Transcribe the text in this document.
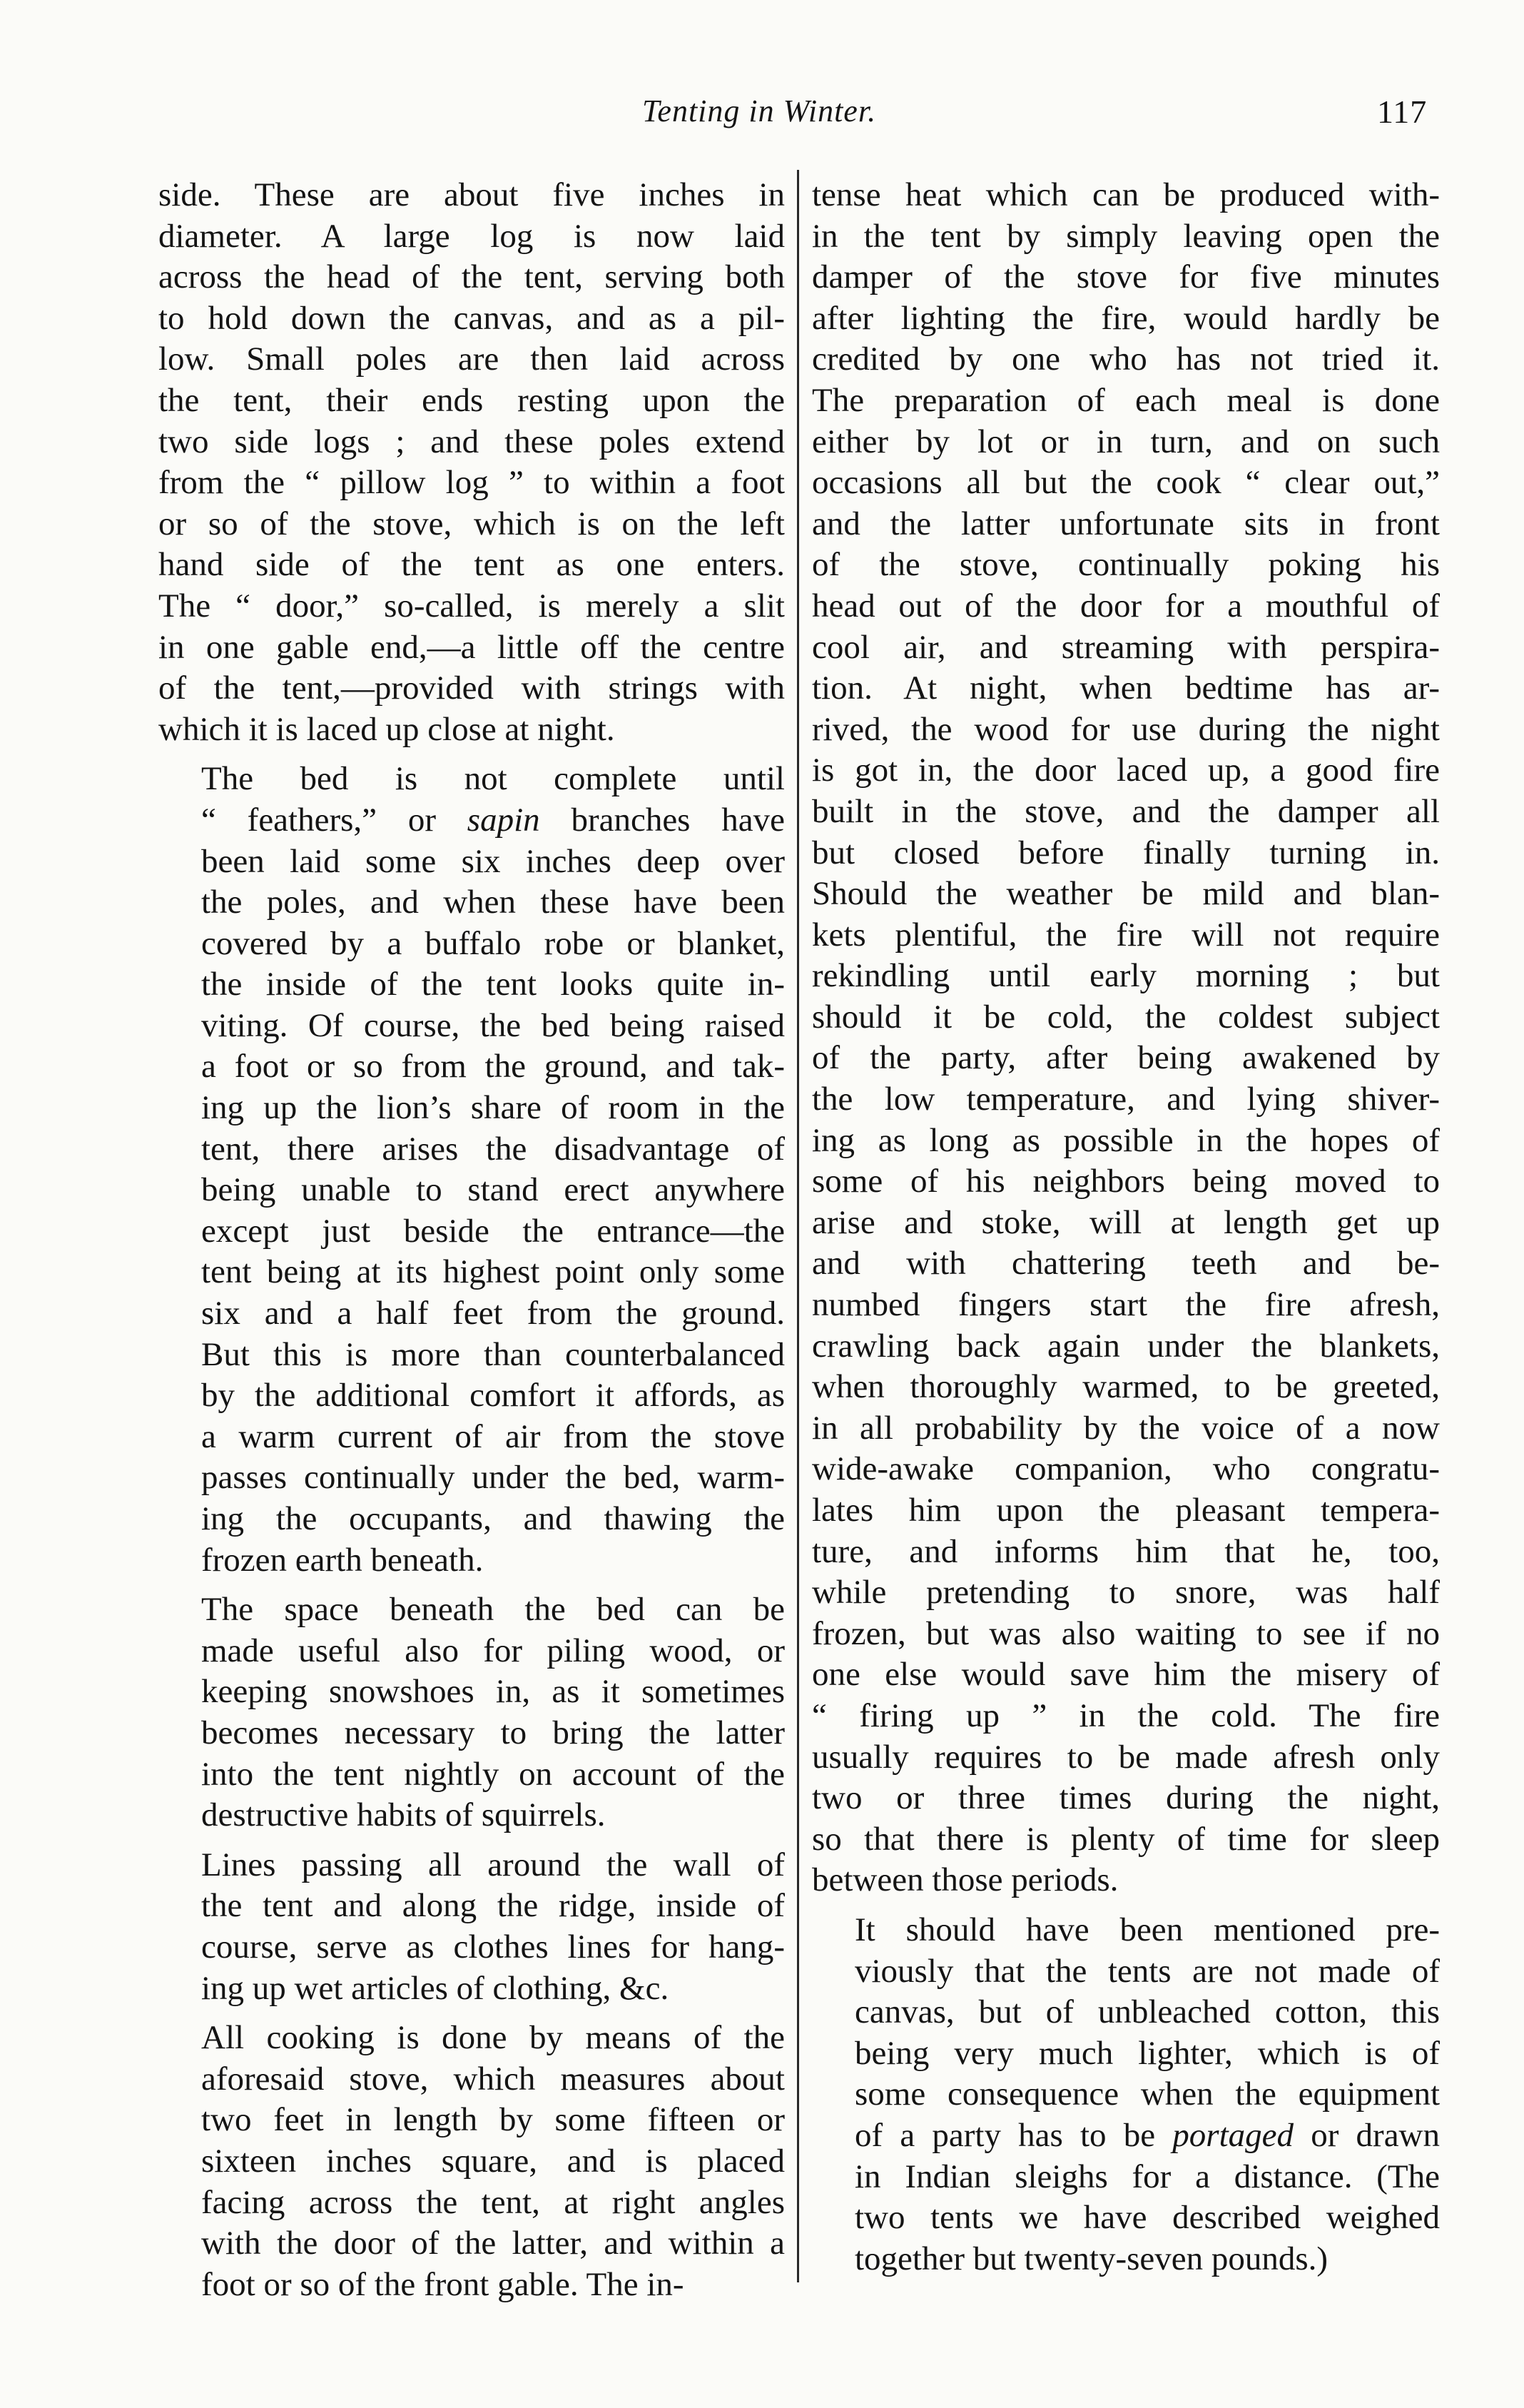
Tenting in Winter.	117

side. These are about five inches in
diameter. A large log is now laid
across the head of the tent, serving both
to hold down the canvas, and as a pil-
low. Small poles are then laid across
the tent, their ends resting upon the
two side logs ; and these poles extend
from the “ pillow log ” to within a foot
or so of the stove, which is on the left
hand side of the tent as one enters.
The “ door,” so-called, is merely a slit
in one gable end,—a little off the centre
of the tent,—provided with strings with
which it is laced up close at night.

The bed is not complete until
“ feathers,” or sapin branches have
been laid some six inches deep over
the poles, and when these have been
covered by a buffalo robe or blanket,
the inside of the tent looks quite in-
viting. Of course, the bed being raised
a foot or so from the ground, and tak-
ing up the lion’s share of room in the
tent, there arises the disadvantage of
being unable to stand erect anywhere
except just beside the entrance—the
tent being at its highest point only some
six and a half feet from the ground.
But this is more than counterbalanced
by the additional comfort it affords, as
a warm current of air from the stove
passes continually under the bed, warm-
ing the occupants, and thawing the
frozen earth beneath.

The space beneath the bed can be
made useful also for piling wood, or
keeping snowshoes in, as it sometimes
becomes necessary to bring the latter
into the tent nightly on account of the
destructive habits of squirrels.

Lines passing all around the wall of
the tent and along the ridge, inside of
course, serve as clothes lines for hang-
ing up wet articles of clothing, &c.

All cooking is done by means of the
aforesaid stove, which measures about
two feet in length by some fifteen or
sixteen inches square, and is placed
facing across the tent, at right angles
with the door of the latter, and within a
foot or so of the front gable. The in-

tense heat which can be produced with-
in the tent by simply leaving open the
damper of the stove for five minutes
after lighting the fire, would hardly be
credited by one who has not tried it.
The preparation of each meal is done
either by lot or in turn, and on such
occasions all but the cook “ clear out,”
and the latter unfortunate sits in front
of the stove, continually poking his
head out of the door for a mouthful of
cool air, and streaming with perspira-
tion. At night, when bedtime has ar-
rived, the wood for use during the night
is got in, the door laced up, a good fire
built in the stove, and the damper all
but closed before finally turning in.
Should the weather be mild and blan-
kets plentiful, the fire will not require
rekindling until early morning ; but
should it be cold, the coldest subject
of the party, after being awakened by
the low temperature, and lying shiver-
ing as long as possible in the hopes of
some of his neighbors being moved to
arise and stoke, will at length get up
and with chattering teeth and be-
numbed fingers start the fire afresh,
crawling back again under the blankets,
when thoroughly warmed, to be greeted,
in all probability by the voice of a now
wide-awake companion, who congratu-
lates him upon the pleasant tempera-
ture, and informs him that he, too,
while pretending to snore, was half
frozen, but was also waiting to see if no
one else would save him the misery of
“ firing up ” in the cold. The fire
usually requires to be made afresh only
two or three times during the night,
so that there is plenty of time for sleep
between those periods.

It should have been mentioned pre-
viously that the tents are not made of
canvas, but of unbleached cotton, this
being very much lighter, which is of
some consequence when the equipment
of a party has to be portaged or drawn
in Indian sleighs for a distance. (The
two tents we have described weighed
together but twenty-seven pounds.)
